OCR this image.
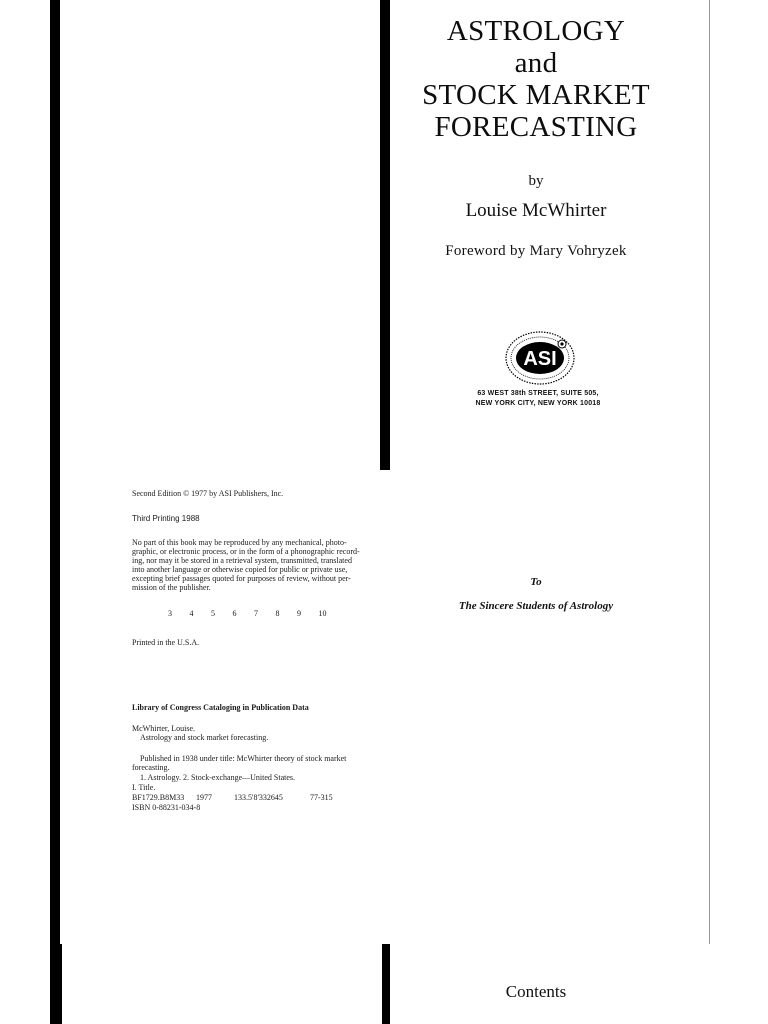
ASTROLOGY
and
STOCK MARKET
FORECASTING
by
Louise McWhirter
Foreword by Mary Vohryzek
ASI
63 WEST 38th STREET, SUITE 505,
NEW YORK CITY, NEW YORK 10018
Second Edition © 1977 by ASI Publishers, Inc.
Third Printing 1988
No part of this book may be reproduced by any mechanical, photo-
graphic, or electronic process, or in the form of a phonographic record-
ing, nor may it be stored in a retrieval system, transmitted, translated
into another language or otherwise copied for public or private use,
excepting brief passages quoted for purposes of review, without per-
mission of the publisher.
3 4 5 6 7 8 9 10
Printed in the U.S.A.
Library of Congress Cataloging in Publication Data
McWhirter, Louise.
Astrology and stock market forecasting.
Published in 1938 under title: McWhirter theory of stock market
forecasting.
1. Astrology. 2. Stock-exchange—United States.
I. Title.
BF1729.B8M33 1977	133.5'8'332645	77-315
ISBN 0-88231-034-8
To
The Sincere Students of Astrology
Contents
